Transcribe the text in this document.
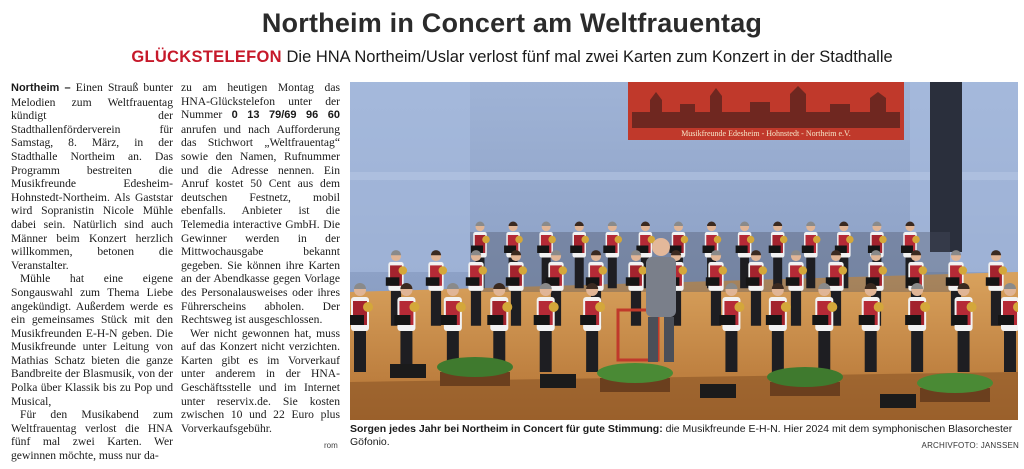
Northeim in Concert am Weltfrauentag
GLÜCKSTELEFON Die HNA Northeim/Uslar verlost fünf mal zwei Karten zum Konzert in der Stadthalle

Northeim – Einen Strauß bunter Melodien zum Weltfrauentag kündigt der Stadthallenförderverein für Samstag, 8. März, in der Stadthalle Northeim an. Das Programm bestreiten die Musikfreunde Edesheim-Hohnstedt-Northeim. Als Gaststar wird Sopranistin Nicole Mühle dabei sein. Natürlich sind auch Männer beim Konzert herzlich willkommen, betonen die Veranstalter.

Mühle hat eine eigene Songauswahl zum Thema Liebe angekündigt. Außerdem werde es ein gemeinsames Stück mit den Musikfreunden E-H-N geben. Die Musikfreunde unter Leitung von Mathias Schatz bieten die ganze Bandbreite der Blasmusik, von der Polka über Klassik bis zu Pop und Musical,

Für den Musikabend zum Weltfrauentag verlost die HNA fünf mal zwei Karten. Wer gewinnen möchte, muss nur da-

zu am heutigen Montag das HNA-Glückstelefon unter der Nummer 0 13 79/69 96 60 anrufen und nach Aufforderung das Stichwort „Weltfrauentag“ sowie den Namen, Rufnummer und die Adresse nennen. Ein Anruf kostet 50 Cent aus dem deutschen Festnetz, mobil ebenfalls. Anbieter ist die Telemedia interactive GmbH. Die Gewinner werden in der Mittwochausgabe bekannt gegeben. Sie können ihre Karten an der Abendkasse gegen Vorlage des Personalausweises oder ihres Führerscheins abholen. Der Rechtsweg ist ausgeschlossen.

Wer nicht gewonnen hat, muss auf das Konzert nicht verzichten. Karten gibt es im Vorverkauf unter anderem in der HNA-Geschäftsstelle und im Internet unter reservix.de. Sie kosten zwischen 10 und 22 Euro plus Vorverkaufsgebühr.

rom
Musikfreunde Edesheim - Hohnstedt - Northeim e.V.
Sorgen jedes Jahr bei Northeim in Concert für gute Stimmung: die Musikfreunde E-H-N. Hier 2024 mit dem symphonischen Blasorchester Göfonio.	ARCHIVFOTO: JANSSEN
